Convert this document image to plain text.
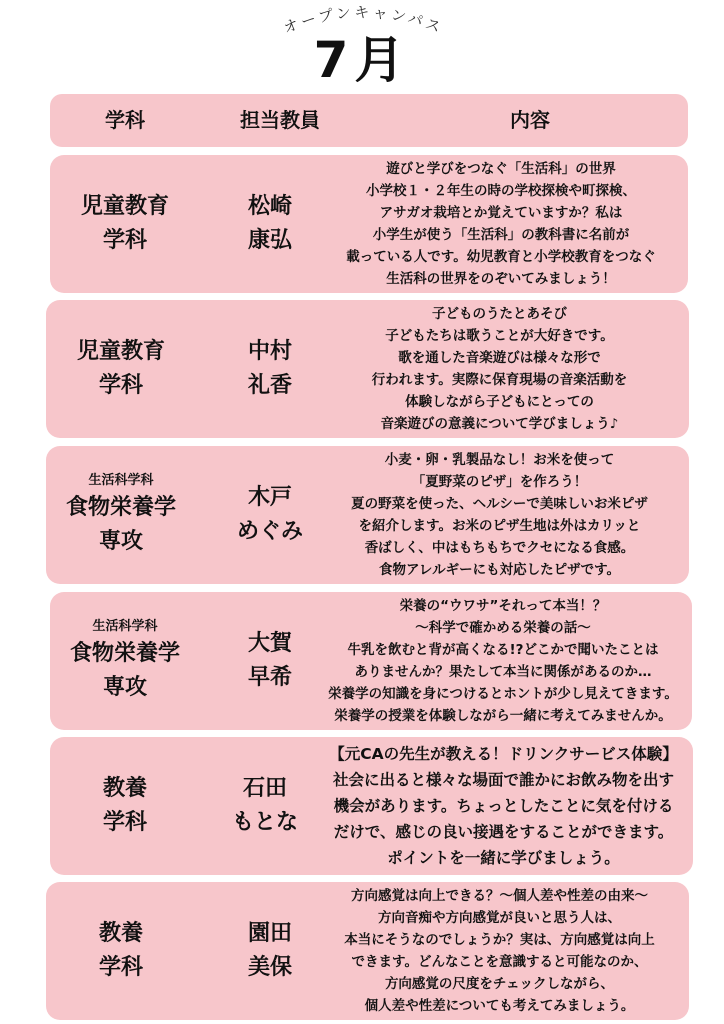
オープンキャンパス
7月
学科	担当教員	内容
児童教育
学科
松崎
康弘
遊びと学びをつなぐ「生活科」の世界
小学校１・２年生の時の学校探検や町探検、
アサガオ栽培とか覚えていますか？私は
小学生が使う「生活科」の教科書に名前が
載っている人です。幼児教育と小学校教育をつなぐ
生活科の世界をのぞいてみましょう！
児童教育
学科
中村
礼香
子どものうたとあそび
子どもたちは歌うことが大好きです。
歌を通した音楽遊びは様々な形で
行われます。実際に保育現場の音楽活動を
体験しながら子どもにとっての
音楽遊びの意義について学びましょう♪
生活科学科
食物栄養学
専攻
木戸
めぐみ
小麦・卵・乳製品なし！お米を使って
「夏野菜のピザ」を作ろう！
夏の野菜を使った、ヘルシーで美味しいお米ピザ
を紹介します。お米のピザ生地は外はカリッと
香ばしく、中はもちもちでクセになる食感。
食物アレルギーにも対応したピザです。
生活科学科
食物栄養学
専攻
大賀
早希
栄養の“ウワサ”それって本当！？
～科学で確かめる栄養の話～
牛乳を飲むと背が高くなる!?どこかで聞いたことは
ありませんか？果たして本当に関係があるのか…
栄養学の知識を身につけるとホントが少し見えてきます。
栄養学の授業を体験しながら一緒に考えてみませんか。
教養
学科
石田
もとな
【元CAの先生が教える！ドリンクサービス体験】
社会に出ると様々な場面で誰かにお飲み物を出す
機会があります。ちょっとしたことに気を付ける
だけで、感じの良い接遇をすることができます。
ポイントを一緒に学びましょう。
教養
学科
園田
美保
方向感覚は向上できる？～個人差や性差の由来～
方向音痴や方向感覚が良いと思う人は、
本当にそうなのでしょうか？実は、方向感覚は向上
できます。どんなことを意識すると可能なのか、
方向感覚の尺度をチェックしながら、
個人差や性差についても考えてみましょう。
